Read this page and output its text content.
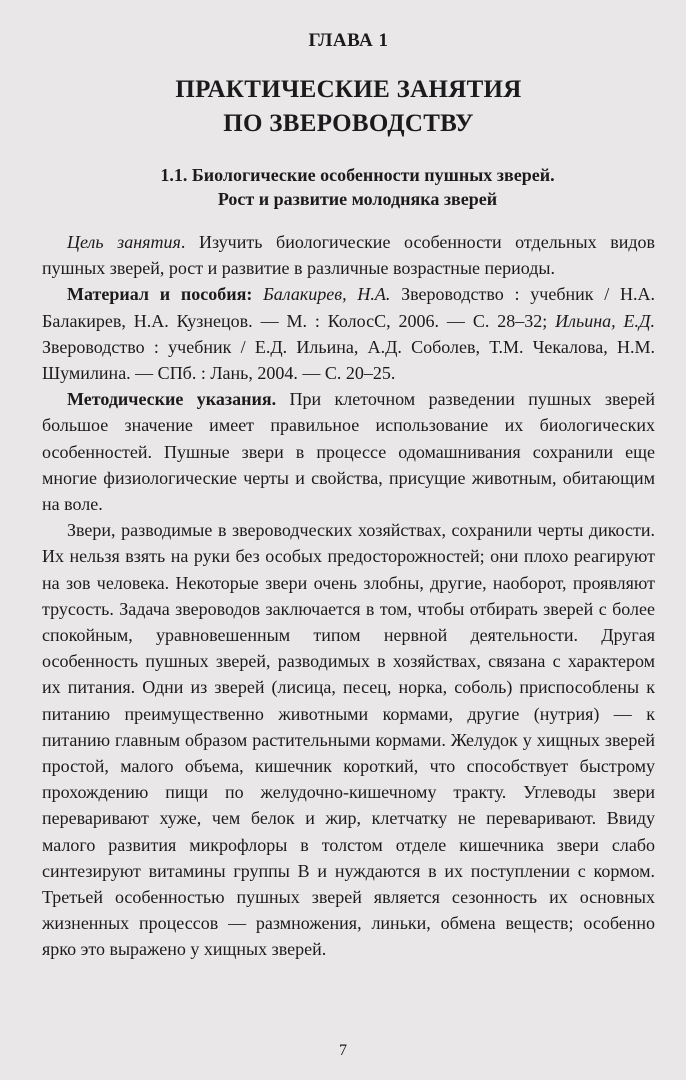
ГЛАВА 1
ПРАКТИЧЕСКИЕ ЗАНЯТИЯ
ПО ЗВЕРОВОДСТВУ
1.1. Биологические особенности пушных зверей.
Рост и развитие молодняка зверей

Цель занятия. Изучить биологические особенности отдельных видов пушных зверей, рост и развитие в различные возрастные периоды.

Материал и пособия: Балакирев, Н.А. Звероводство : учебник / Н.А. Балакирев, Н.А. Кузнецов. — М. : КолосС, 2006. — С. 28–32; Ильина, Е.Д. Звероводство : учебник / Е.Д. Ильина, А.Д. Соболев, Т.М. Чекалова, Н.М. Шумилина. — СПб. : Лань, 2004. — С. 20–25.

Методические указания. При клеточном разведении пушных зверей большое значение имеет правильное использование их биологических особенностей. Пушные звери в процессе одомашнивания сохранили еще многие физиологические черты и свойства, присущие животным, обитающим на воле.

Звери, разводимые в звероводческих хозяйствах, сохранили черты дикости. Их нельзя взять на руки без особых предосторожностей; они плохо реагируют на зов человека. Некоторые звери очень злобны, другие, наоборот, проявляют трусость. Задача звероводов заключается в том, чтобы отбирать зверей с более спокойным, уравновешенным типом нервной деятельности. Другая особенность пушных зверей, разводимых в хозяйствах, связана с характером их питания. Одни из зверей (лисица, песец, норка, соболь) приспособлены к питанию преимущественно животными кормами, другие (нутрия) — к питанию главным образом растительными кормами. Желудок у хищных зверей простой, малого объема, кишечник короткий, что способствует быстрому прохождению пищи по желудочно-кишечному тракту. Углеводы звери переваривают хуже, чем белок и жир, клетчатку не переваривают. Ввиду малого развития микрофлоры в толстом отделе кишечника звери слабо синтезируют витамины группы В и нуждаются в их поступлении с кормом. Третьей особенностью пушных зверей является сезонность их основных жизненных процессов — размножения, линьки, обмена веществ; особенно ярко это выражено у хищных зверей.

7
